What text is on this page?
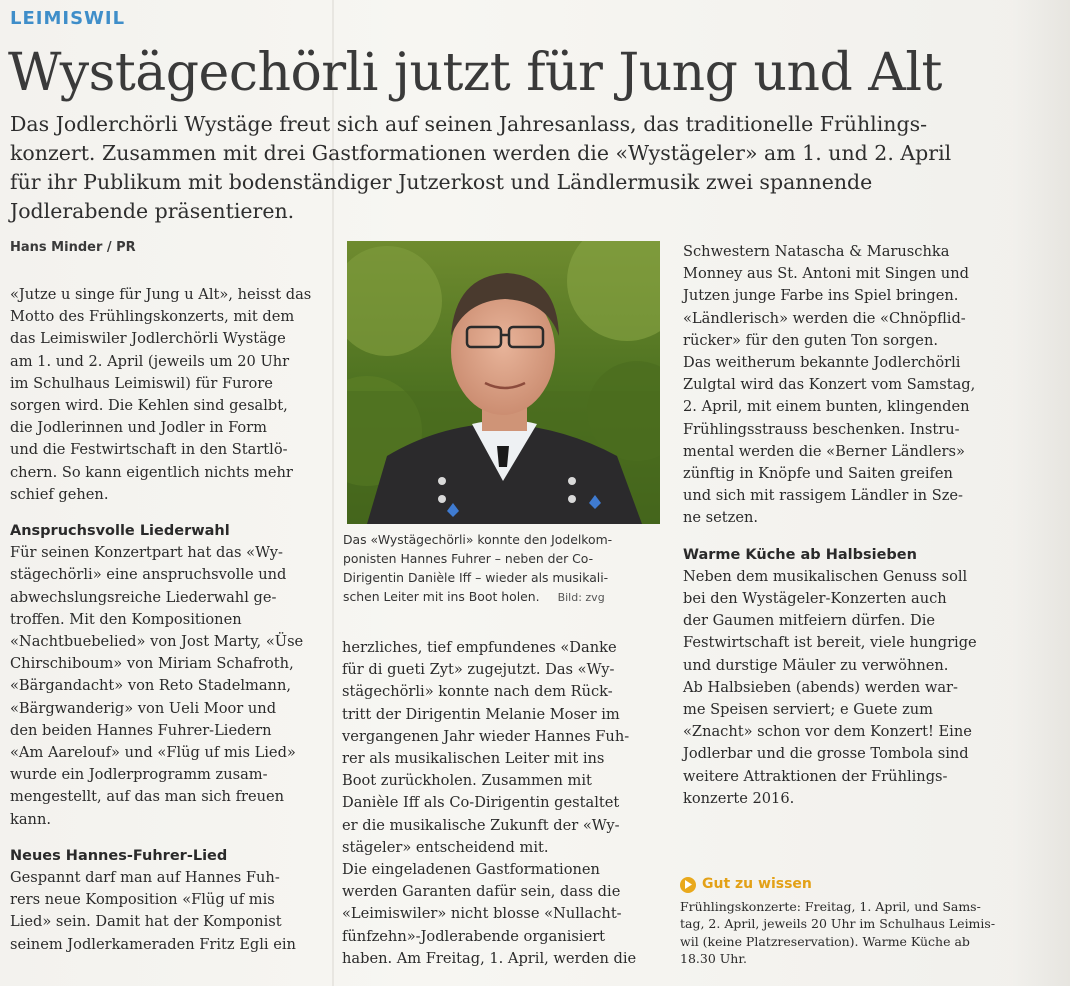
LEIMISWIL
Wystägechörli jutzt für Jung und Alt
Das Jodlerchörli Wystäge freut sich auf seinen Jahresanlass, das traditionelle Frühlings-
konzert. Zusammen mit drei Gastformationen werden die «Wystägeler» am 1. und 2. April
für ihr Publikum mit bodenständiger Jutzerkost und Ländlermusik zwei spannende
Jodlerabende präsentieren.
Hans Minder / PR
«Jutze u singe für Jung u Alt», heisst das
Motto des Frühlingskonzerts, mit dem
das Leimiswiler Jodlerchörli Wystäge
am 1. und 2. April (jeweils um 20 Uhr
im Schulhaus Leimiswil) für Furore
sorgen wird. Die Kehlen sind gesalbt,
die Jodlerinnen und Jodler in Form
und die Festwirtschaft in den Startlö-
chern. So kann eigentlich nichts mehr
schief gehen.
Anspruchsvolle Liederwahl
Für seinen Konzertpart hat das «Wy-
stägechörli» eine anspruchsvolle und
abwechslungsreiche Liederwahl ge-
troffen. Mit den Kompositionen
«Nachtbuebelied» von Jost Marty, «Üse
Chirschiboum» von Miriam Schafroth,
«Bärgandacht» von Reto Stadelmann,
«Bärgwanderig» von Ueli Moor und
den beiden Hannes Fuhrer-Liedern
«Am Aarelouf» und «Flüg uf mis Lied»
wurde ein Jodlerprogramm zusam-
mengestellt, auf das man sich freuen
kann.
Neues Hannes-Fuhrer-Lied
Gespannt darf man auf Hannes Fuh-
rers neue Komposition «Flüg uf mis
Lied» sein. Damit hat der Komponist
seinem Jodlerkameraden Fritz Egli ein
Das «Wystägechörli» konnte den Jodelkom-
ponisten Hannes Fuhrer – neben der Co-
Dirigentin Danièle Iff – wieder als musikali-
schen Leiter mit ins Boot holen. Bild: zvg
herzliches, tief empfundenes «Danke
für di gueti Zyt» zugejutzt. Das «Wy-
stägechörli» konnte nach dem Rück-
tritt der Dirigentin Melanie Moser im
vergangenen Jahr wieder Hannes Fuh-
rer als musikalischen Leiter mit ins
Boot zurückholen. Zusammen mit
Danièle Iff als Co-Dirigentin gestaltet
er die musikalische Zukunft der «Wy-
stägeler» entscheidend mit.
Die eingeladenen Gastformationen
werden Garanten dafür sein, dass die
«Leimiswiler» nicht blosse «Nullacht-
fünfzehn»-Jodlerabende organisiert
haben. Am Freitag, 1. April, werden die
Schwestern Natascha & Maruschka
Monney aus St. Antoni mit Singen und
Jutzen junge Farbe ins Spiel bringen.
«Ländlerisch» werden die «Chnöpflid-
rücker» für den guten Ton sorgen.
Das weitherum bekannte Jodlerchörli
Zulgtal wird das Konzert vom Samstag,
2. April, mit einem bunten, klingenden
Frühlingsstrauss beschenken. Instru-
mental werden die «Berner Ländlers»
zünftig in Knöpfe und Saiten greifen
und sich mit rassigem Ländler in Sze-
ne setzen.
Warme Küche ab Halbsieben
Neben dem musikalischen Genuss soll
bei den Wystägeler-Konzerten auch
der Gaumen mitfeiern dürfen. Die
Festwirtschaft ist bereit, viele hungrige
und durstige Mäuler zu verwöhnen.
Ab Halbsieben (abends) werden war-
me Speisen serviert; e Guete zum
«Znacht» schon vor dem Konzert! Eine
Jodlerbar und die grosse Tombola sind
weitere Attraktionen der Frühlings-
konzerte 2016.
Gut zu wissen
Frühlingskonzerte: Freitag, 1. April, und Sams-
tag, 2. April, jeweils 20 Uhr im Schulhaus Leimis-
wil (keine Platzreservation). Warme Küche ab
18.30 Uhr.
